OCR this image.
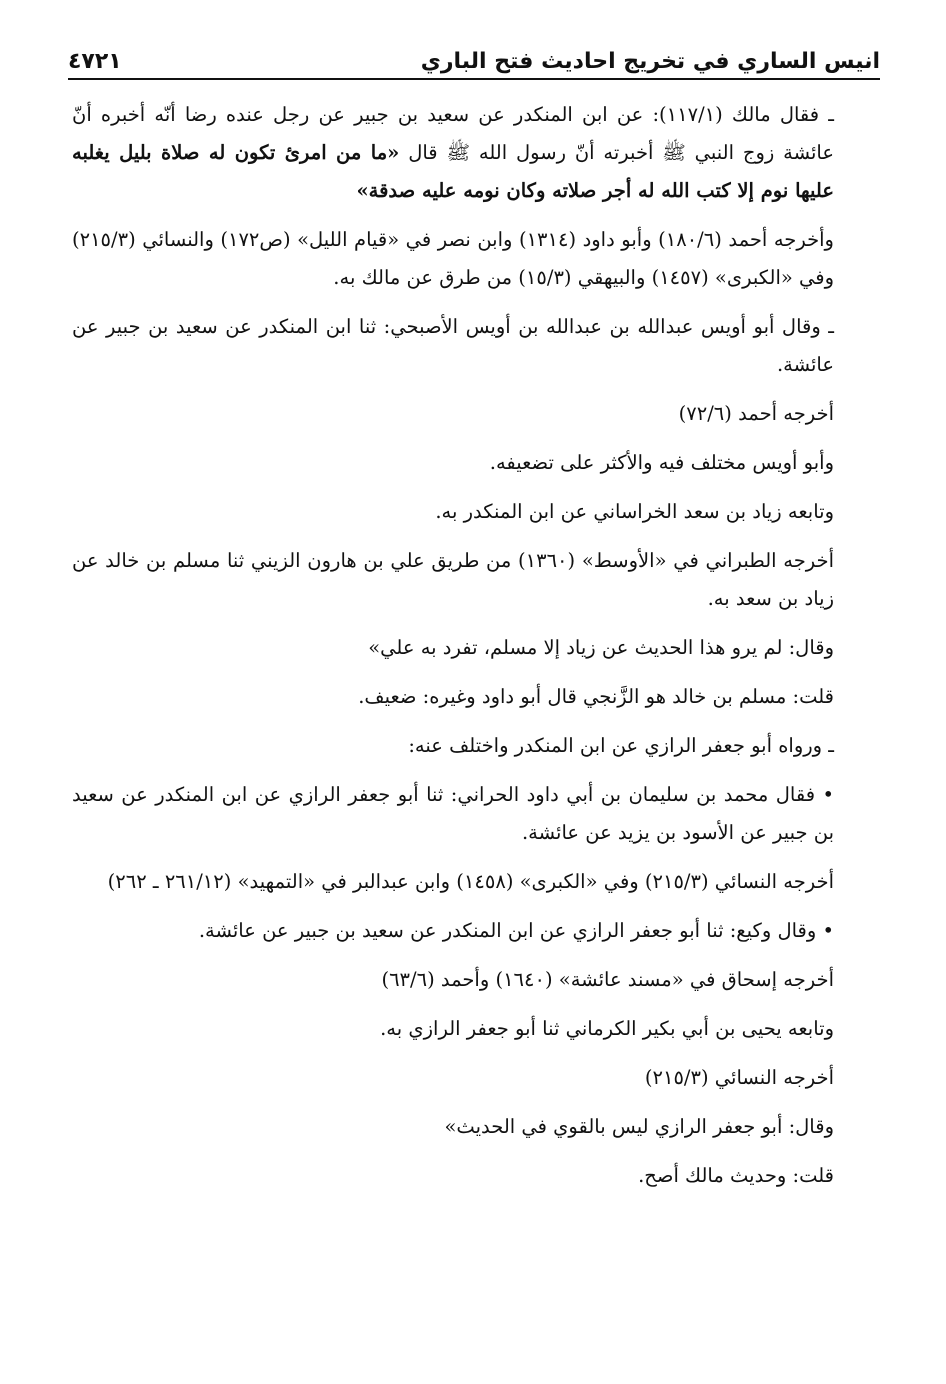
انيس الساري في تخريج احاديث فتح الباري
٤٧٢١

ـ فقال مالك (١١٧/١): عن ابن المنكدر عن سعيد بن جبير عن رجل عنده رضا أنّه أخبره أنّ عائشة زوج النبي ﷺ أخبرته أنّ رسول الله ﷺ قال «ما من امرئ تكون له صلاة بليل يغلبه عليها نوم إلا كتب الله له أجر صلاته وكان نومه عليه صدقة»

وأخرجه أحمد (١٨٠/٦) وأبو داود (١٣١٤) وابن نصر في «قيام الليل» (ص١٧٢) والنسائي (٢١٥/٣) وفي «الكبرى» (١٤٥٧) والبيهقي (١٥/٣) من طرق عن مالك به.

ـ وقال أبو أويس عبدالله بن عبدالله بن أويس الأصبحي: ثنا ابن المنكدر عن سعيد بن جبير عن عائشة.

أخرجه أحمد (٧٢/٦)

وأبو أويس مختلف فيه والأكثر على تضعيفه.

وتابعه زياد بن سعد الخراساني عن ابن المنكدر به.

أخرجه الطبراني في «الأوسط» (١٣٦٠) من طريق علي بن هارون الزيني ثنا مسلم بن خالد عن زياد بن سعد به.

وقال: لم يرو هذا الحديث عن زياد إلا مسلم، تفرد به علي»

قلت: مسلم بن خالد هو الزَّنجي قال أبو داود وغيره: ضعيف.

ـ ورواه أبو جعفر الرازي عن ابن المنكدر واختلف عنه:

• فقال محمد بن سليمان بن أبي داود الحراني: ثنا أبو جعفر الرازي عن ابن المنكدر عن سعيد بن جبير عن الأسود بن يزيد عن عائشة.

أخرجه النسائي (٢١٥/٣) وفي «الكبرى» (١٤٥٨) وابن عبدالبر في «التمهيد» (٢٦١/١٢ ـ ٢٦٢)

• وقال وكيع: ثنا أبو جعفر الرازي عن ابن المنكدر عن سعيد بن جبير عن عائشة.

أخرجه إسحاق في «مسند عائشة» (١٦٤٠) وأحمد (٦٣/٦)

وتابعه يحيى بن أبي بكير الكرماني ثنا أبو جعفر الرازي به.

أخرجه النسائي (٢١٥/٣)

وقال: أبو جعفر الرازي ليس بالقوي في الحديث»

قلت: وحديث مالك أصح.
